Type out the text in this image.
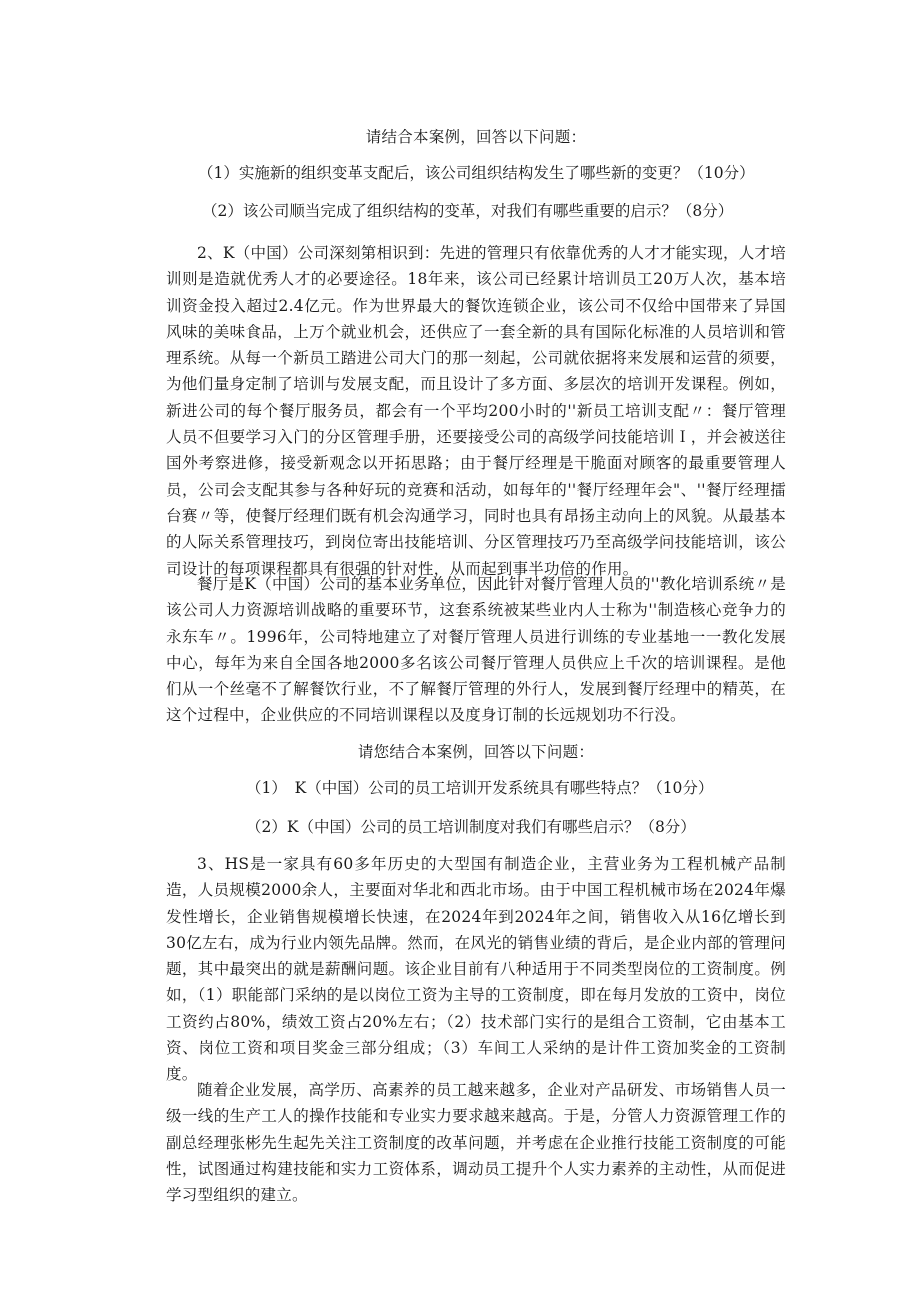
请结合本案例，回答以下问题：
（1）实施新的组织变革支配后，该公司组织结构发生了哪些新的变更？（10分）
（2）该公司顺当完成了组织结构的变革，对我们有哪些重要的启示？（8分）

2、K（中国）公司深刻第相识到：先进的管理只有依靠优秀的人才才能实现，人才培训则是造就优秀人才的必要途径。18年来，该公司已经累计培训员工20万人次，基本培训资金投入超过2.4亿元。作为世界最大的餐饮连锁企业，该公司不仅给中国带来了异国风味的美味食品，上万个就业机会，还供应了一套全新的具有国际化标准的人员培训和管理系统。从每一个新员工踏进公司大门的那一刻起，公司就依据将来发展和运营的须要，为他们量身定制了培训与发展支配，而且设计了多方面、多层次的培训开发课程。例如，新进公司的每个餐厅服务员，都会有一个平均200小时的''新员工培训支配〃：餐厅管理人员不但要学习入门的分区管理手册，还要接受公司的高级学问技能培训Ｉ，并会被送往国外考察进修，接受新观念以开拓思路；由于餐厅经理是干脆面对顾客的最重要管理人员，公司会支配其参与各种好玩的竞赛和活动，如每年的''餐厅经理年会"、''餐厅经理擂台赛〃等，使餐厅经理们既有机会沟通学习，同时也具有昂扬主动向上的风貌。从最基本的人际关系管理技巧，到岗位寄出技能培训、分区管理技巧乃至高级学问技能培训，该公司设计的每项课程都具有很强的针对性，从而起到事半功倍的作用。

餐厅是K（中国）公司的基本业务单位，因此针对餐厅管理人员的''教化培训系统〃是该公司人力资源培训战略的重要环节，这套系统被某些业内人士称为''制造核心竞争力的永东车〃。1996年，公司特地建立了对餐厅管理人员进行训练的专业基地一一教化发展中心，每年为来自全国各地2000多名该公司餐厅管理人员供应上千次的培训课程。是他们从一个丝毫不了解餐饮行业，不了解餐厅管理的外行人，发展到餐厅经理中的精英，在这个过程中，企业供应的不同培训课程以及度身订制的长远规划功不行没。

请您结合本案例，回答以下问题：
（1）　K（中国）公司的员工培训开发系统具有哪些特点？（10分）
（2）K（中国）公司的员工培训制度对我们有哪些启示？（8分）

3、HS是一家具有60多年历史的大型国有制造企业，主营业务为工程机械产品制造，人员规模2000余人，主要面对华北和西北市场。由于中国工程机械市场在2024年爆发性增长，企业销售规模增长快速，在2024年到2024年之间，销售收入从16亿增长到30亿左右，成为行业内领先品牌。然而，在风光的销售业绩的背后，是企业内部的管理问题，其中最突出的就是薪酬问题。该企业目前有八种适用于不同类型岗位的工资制度。例如，（1）职能部门采纳的是以岗位工资为主导的工资制度，即在每月发放的工资中，岗位工资约占80%，绩效工资占20%左右；（2）技术部门实行的是组合工资制，它由基本工资、岗位工资和项目奖金三部分组成；（3）车间工人采纳的是计件工资加奖金的工资制度。

随着企业发展，高学历、高素养的员工越来越多，企业对产品研发、市场销售人员一级一线的生产工人的操作技能和专业实力要求越来越高。于是，分管人力资源管理工作的副总经理张彬先生起先关注工资制度的改革问题，并考虑在企业推行技能工资制度的可能性，试图通过构建技能和实力工资体系，调动员工提升个人实力素养的主动性，从而促进学习型组织的建立。
